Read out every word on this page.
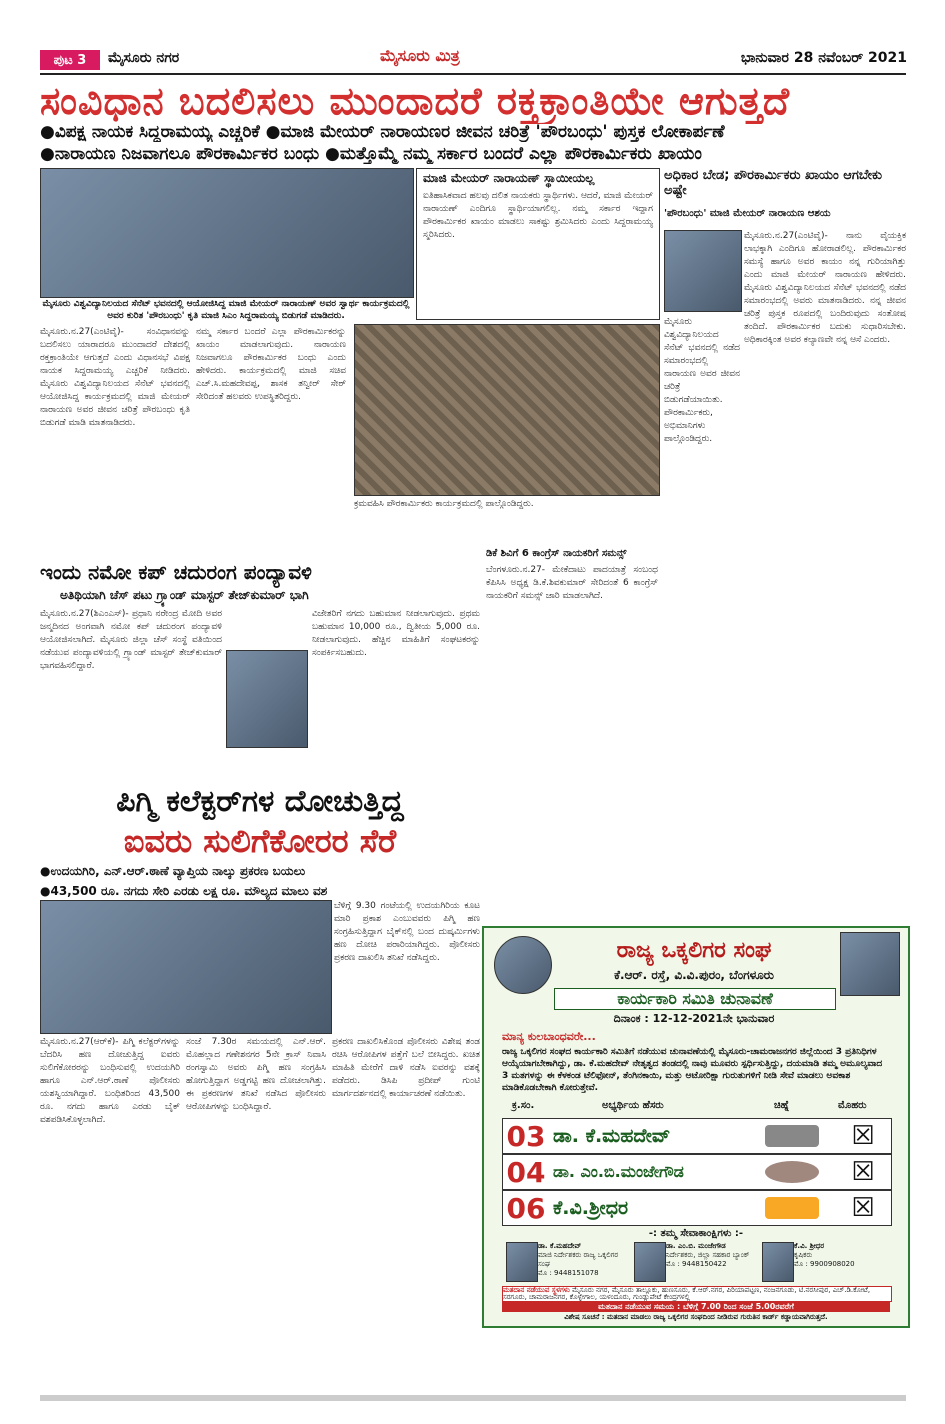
ಪುಟ 3	ಮೈಸೂರು ನಗರ	ಮೈಸೂರು ಮಿತ್ರ	ಭಾನುವಾರ 28 ನವೆಂಬರ್ 2021
ಸಂವಿಧಾನ ಬದಲಿಸಲು ಮುಂದಾದರೆ ರಕ್ತಕ್ರಾಂತಿಯೇ ಆಗುತ್ತದೆ
●ವಿಪಕ್ಷ ನಾಯಕ ಸಿದ್ದರಾಮಯ್ಯ ಎಚ್ಚರಿಕೆ ●ಮಾಜಿ ಮೇಯರ್ ನಾರಾಯಣರ ಜೀವನ ಚರಿತ್ರೆ 'ಪೌರಬಂಧು' ಪುಸ್ತಕ ಲೋಕಾರ್ಪಣೆ
●ನಾರಾಯಣ ನಿಜವಾಗಲೂ ಪೌರಕಾರ್ಮಿಕರ ಬಂಧು ●ಮತ್ತೊಮ್ಮೆ ನಮ್ಮ ಸರ್ಕಾರ ಬಂದರೆ ಎಲ್ಲಾ ಪೌರಕಾರ್ಮಿಕರು ಖಾಯಂ
ಮೈಸೂರು ವಿಶ್ವವಿದ್ಯಾನಿಲಯದ ಸೆನೆಟ್ ಭವನದಲ್ಲಿ ಆಯೋಜಿಸಿದ್ದ ಮಾಜಿ ಮೇಯರ್ ನಾರಾಯಣ್ ಅವರ ಸ್ವಾರ್ಥ ಕಾರ್ಯಕ್ರಮದಲ್ಲಿ ಅವರ ಕುರಿತ 'ಪೌರಬಂಧು' ಕೃತಿ ಮಾಜಿ ಸಿಎಂ ಸಿದ್ದರಾಮಯ್ಯ ಬಿಡುಗಡೆ ಮಾಡಿದರು.
ಮಾಜಿ ಮೇಯರ್ ನಾರಾಯಣ್ ಸ್ಥಾಯೀಯಲ್ಲ
ಐತಿಹಾಸಿಕವಾದ ಹಲವು ದಲಿತ ನಾಯಕರು ಸ್ಥಾರ್ಥಿಗಳು. ಆದರೆ, ಮಾಜಿ ಮೇಯರ್ ನಾರಾಯಣ್ ಎಂದಿಗೂ ಸ್ಥಾರ್ಥಿಯಾಗಲಿಲ್ಲ. ನಮ್ಮ ಸರ್ಕಾರ ಇದ್ದಾಗ ಪೌರಕಾರ್ಮಿಕರ ಖಾಯಂ ಮಾಡಲು ಸಾಕಷ್ಟು ಶ್ರಮಿಸಿದರು ಎಂದು ಸಿದ್ದರಾಮಯ್ಯ ಸ್ಮರಿಸಿದರು.
ಮೈಸೂರು.ನ.27(ಎಂಟಿವೈ)- ಸಂವಿಧಾನವನ್ನು ಬದಲಿಸಲು ಯಾರಾದರೂ ಮುಂದಾದರೆ ದೇಶದಲ್ಲಿ ರಕ್ತಕ್ರಾಂತಿಯೇ ಆಗುತ್ತದೆ ಎಂದು ವಿಧಾನಸಭೆ ವಿಪಕ್ಷ ನಾಯಕ ಸಿದ್ದರಾಮಯ್ಯ ಎಚ್ಚರಿಕೆ ನೀಡಿದರು. ಮೈಸೂರು ವಿಶ್ವವಿದ್ಯಾನಿಲಯದ ಸೆನೆಟ್ ಭವನದಲ್ಲಿ ಆಯೋಜಿಸಿದ್ದ ಕಾರ್ಯಕ್ರಮದಲ್ಲಿ ಮಾಜಿ ಮೇಯರ್ ನಾರಾಯಣ ಅವರ ಜೀವನ ಚರಿತ್ರೆ ಪೌರಬಂಧು ಕೃತಿ ಬಿಡುಗಡೆ ಮಾಡಿ ಮಾತನಾಡಿದರು.
ನಮ್ಮ ಸರ್ಕಾರ ಬಂದರೆ ಎಲ್ಲಾ ಪೌರಕಾರ್ಮಿಕರನ್ನು ಖಾಯಂ ಮಾಡಲಾಗುವುದು. ನಾರಾಯಣ ನಿಜವಾಗಲೂ ಪೌರಕಾರ್ಮಿಕರ ಬಂಧು ಎಂದು ಹೇಳಿದರು. ಕಾರ್ಯಕ್ರಮದಲ್ಲಿ ಮಾಜಿ ಸಚಿವ ಎಚ್.ಸಿ.ಮಹದೇವಪ್ಪ, ಶಾಸಕ ತನ್ವೀರ್ ಸೇಠ್ ಸೇರಿದಂತೆ ಹಲವರು ಉಪಸ್ಥಿತರಿದ್ದರು.
ಕ್ರಮವಹಿಸಿ ಪೌರಕಾರ್ಮಿಕರು ಕಾರ್ಯಕ್ರಮದಲ್ಲಿ ಪಾಲ್ಗೊಂಡಿದ್ದರು.
ಅಧಿಕಾರ ಬೇಡ; ಪೌರಕಾರ್ಮಿಕರು ಖಾಯಂ ಆಗಬೇಕು ಅಷ್ಟೇ
'ಪೌರಬಂಧು' ಮಾಜಿ ಮೇಯರ್ ನಾರಾಯಣ ಆಶಯ
ಮೈಸೂರು.ನ.27(ಎಂಟಿವೈ)- ನಾನು ವೈಯಕ್ತಿಕ ಲಾಭಕ್ಕಾಗಿ ಎಂದಿಗೂ ಹೋರಾಡಲಿಲ್ಲ. ಪೌರಕಾರ್ಮಿಕರ ಸಮಸ್ಯೆ ಹಾಗೂ ಅವರ ಕಾಯಂ ನನ್ನ ಗುರಿಯಾಗಿತ್ತು ಎಂದು ಮಾಜಿ ಮೇಯರ್ ನಾರಾಯಣ ಹೇಳಿದರು. ಮೈಸೂರು ವಿಶ್ವವಿದ್ಯಾನಿಲಯದ ಸೆನೆಟ್ ಭವನದಲ್ಲಿ ನಡೆದ ಸಮಾರಂಭದಲ್ಲಿ ಅವರು ಮಾತನಾಡಿದರು. ನನ್ನ ಜೀವನ ಚರಿತ್ರೆ ಪುಸ್ತಕ ರೂಪದಲ್ಲಿ ಬಂದಿರುವುದು ಸಂತೋಷ ತಂದಿದೆ. ಪೌರಕಾರ್ಮಿಕರ ಬದುಕು ಸುಧಾರಿಸಬೇಕು. ಅಧಿಕಾರಕ್ಕಿಂತ ಅವರ ಕಲ್ಯಾಣವೇ ನನ್ನ ಆಸೆ ಎಂದರು.
ಮೈಸೂರು ವಿಶ್ವವಿದ್ಯಾನಿಲಯದ ಸೆನೆಟ್ ಭವನದಲ್ಲಿ ನಡೆದ ಸಮಾರಂಭದಲ್ಲಿ ನಾರಾಯಣ ಅವರ ಜೀವನ ಚರಿತ್ರೆ ಬಿಡುಗಡೆಯಾಯಿತು. ಪೌರಕಾರ್ಮಿಕರು, ಅಭಿಮಾನಿಗಳು ಪಾಲ್ಗೊಂಡಿದ್ದರು.
ಇಂದು ನಮೋ ಕಪ್ ಚದುರಂಗ ಪಂದ್ಯಾವಳಿ
ಅತಿಥಿಯಾಗಿ ಚೆಸ್ ಪಟು ಗ್ರ್ಯಾಂಡ್ ಮಾಸ್ಟರ್ ತೇಜ್‌ಕುಮಾರ್ ಭಾಗಿ
ಮೈಸೂರು.ನ.27(ಶಿಎಂಎಸ್)- ಪ್ರಧಾನಿ ನರೇಂದ್ರ ಮೋದಿ ಅವರ ಜನ್ಮದಿನದ ಅಂಗವಾಗಿ ನಮೋ ಕಪ್ ಚದುರಂಗ ಪಂದ್ಯಾವಳಿ ಆಯೋಜಿಸಲಾಗಿದೆ. ಮೈಸೂರು ಜಿಲ್ಲಾ ಚೆಸ್ ಸಂಸ್ಥೆ ವತಿಯಿಂದ ನಡೆಯುವ ಪಂದ್ಯಾವಳಿಯಲ್ಲಿ ಗ್ರ್ಯಾಂಡ್ ಮಾಸ್ಟರ್ ತೇಜ್‌ಕುಮಾರ್ ಭಾಗವಹಿಸಲಿದ್ದಾರೆ.
ವಿಜೇತರಿಗೆ ನಗದು ಬಹುಮಾನ ನೀಡಲಾಗುವುದು. ಪ್ರಥಮ ಬಹುಮಾನ 10,000 ರೂ., ದ್ವಿತೀಯ 5,000 ರೂ. ನೀಡಲಾಗುವುದು. ಹೆಚ್ಚಿನ ಮಾಹಿತಿಗೆ ಸಂಘಟಕರನ್ನು ಸಂಪರ್ಕಿಸಬಹುದು.
ಡಿಕೆ ಶಿವಿಗೆ 6 ಕಾಂಗ್ರೆಸ್ ನಾಯಕರಿಗೆ ಸಮನ್ಸ್
ಬೆಂಗಳೂರು.ನ.27- ಮೇಕೆದಾಟು ಪಾದಯಾತ್ರೆ ಸಂಬಂಧ ಕೆಪಿಸಿಸಿ ಅಧ್ಯಕ್ಷ ಡಿ.ಕೆ.ಶಿವಕುಮಾರ್ ಸೇರಿದಂತೆ 6 ಕಾಂಗ್ರೆಸ್ ನಾಯಕರಿಗೆ ಸಮನ್ಸ್ ಜಾರಿ ಮಾಡಲಾಗಿದೆ.
ಪಿಗ್ಮಿ ಕಲೆಕ್ಟರ್‌ಗಳ ದೋಚುತ್ತಿದ್ದ
ಐವರು ಸುಲಿಗೆಕೋರರ ಸೆರೆ
●ಉದಯಗಿರಿ, ಎನ್.ಆರ್.ಠಾಣೆ ವ್ಯಾಪ್ತಿಯ ನಾಲ್ಕು ಪ್ರಕರಣ ಬಯಲು
●43,500 ರೂ. ನಗದು ಸೇರಿ ಎರಡು ಲಕ್ಷ ರೂ. ಮೌಲ್ಯದ ಮಾಲು ವಶ
ಬೆಳಿಗ್ಗೆ 9.30 ಗಂಟೆಯಲ್ಲಿ ಉದಯಗಿರಿಯ ಕೂಟ ಮಾರಿ ಪ್ರಕಾಶ ಎಂಬುವವರು ಪಿಗ್ಮಿ ಹಣ ಸಂಗ್ರಹಿಸುತ್ತಿದ್ದಾಗ ಬೈಕ್‌ನಲ್ಲಿ ಬಂದ ದುಷ್ಕರ್ಮಿಗಳು ಹಣ ದೋಚಿ ಪರಾರಿಯಾಗಿದ್ದರು. ಪೊಲೀಸರು ಪ್ರಕರಣ ದಾಖಲಿಸಿ ತನಿಖೆ ನಡೆಸಿದ್ದರು.
ಮೈಸೂರು.ನ.27(ಆರ್‌ಕೆ)- ಪಿಗ್ಮಿ ಕಲೆಕ್ಟರ್‌ಗಳನ್ನು ಬೆದರಿಸಿ ಹಣ ದೋಚುತ್ತಿದ್ದ ಐವರು ಸುಲಿಗೆಕೋರರನ್ನು ಬಂಧಿಸುವಲ್ಲಿ ಉದಯಗಿರಿ ಹಾಗೂ ಎನ್.ಆರ್.ಠಾಣೆ ಪೊಲೀಸರು ಯಶಸ್ವಿಯಾಗಿದ್ದಾರೆ. ಬಂಧಿತರಿಂದ 43,500 ರೂ. ನಗದು ಹಾಗೂ ಎರಡು ಬೈಕ್ ವಶಪಡಿಸಿಕೊಳ್ಳಲಾಗಿದೆ.
ಸಂಜೆ 7.30ರ ಸಮಯದಲ್ಲಿ ಎನ್.ಆರ್. ಮೊಹಲ್ಲಾದ ಗಣೇಶನಗರ 5ನೇ ಕ್ರಾಸ್ ನಿವಾಸಿ ರಂಗಸ್ವಾಮಿ ಅವರು ಪಿಗ್ಮಿ ಹಣ ಸಂಗ್ರಹಿಸಿ ಹೋಗುತ್ತಿದ್ದಾಗ ಅಡ್ಡಗಟ್ಟಿ ಹಣ ದೋಚಲಾಗಿತ್ತು. ಈ ಪ್ರಕರಣಗಳ ತನಿಖೆ ನಡೆಸಿದ ಪೊಲೀಸರು ಆರೋಪಿಗಳನ್ನು ಬಂಧಿಸಿದ್ದಾರೆ.
ಪ್ರಕರಣ ದಾಖಲಿಸಿಕೊಂಡ ಪೊಲೀಸರು ವಿಶೇಷ ತಂಡ ರಚಿಸಿ ಆರೋಪಿಗಳ ಪತ್ತೆಗೆ ಬಲೆ ಬೀಸಿದ್ದರು. ಖಚಿತ ಮಾಹಿತಿ ಮೇರೆಗೆ ದಾಳಿ ನಡೆಸಿ ಐವರನ್ನು ವಶಕ್ಕೆ ಪಡೆದರು. ಡಿಸಿಪಿ ಪ್ರದೀಪ್ ಗುಂಟಿ ಮಾರ್ಗದರ್ಶನದಲ್ಲಿ ಕಾರ್ಯಾಚರಣೆ ನಡೆಯಿತು.
ರಾಜ್ಯ ಒಕ್ಕಲಿಗರ ಸಂಘ
ಕೆ.ಆರ್. ರಸ್ತೆ, ವಿ.ವಿ.ಪುರಂ, ಬೆಂಗಳೂರು
ಕಾರ್ಯಕಾರಿ ಸಮಿತಿ ಚುನಾವಣೆ
ದಿನಾಂಕ : 12-12-2021ನೇ ಭಾನುವಾರ
ಮಾನ್ಯ ಕುಲಬಾಂಧವರೇ...
ರಾಜ್ಯ ಒಕ್ಕಲಿಗರ ಸಂಘದ ಕಾರ್ಯಕಾರಿ ಸಮಿತಿಗೆ ನಡೆಯುವ ಚುನಾವಣೆಯಲ್ಲಿ ಮೈಸೂರು-ಚಾಮರಾಜನಗರ ಜಿಲ್ಲೆಯಿಂದ 3 ಪ್ರತಿನಿಧಿಗಳ ಆಯ್ಕೆಯಾಗಬೇಕಾಗಿದ್ದು, ಡಾ. ಕೆ.ಮಹದೇವ್ ನೇತೃತ್ವದ ತಂಡದಲ್ಲಿ ನಾವು ಮೂವರು ಸ್ಪರ್ಧಿಸುತ್ತಿದ್ದು, ದಯಮಾಡಿ ತಮ್ಮ ಅಮೂಲ್ಯವಾದ 3 ಮತಗಳನ್ನು ಈ ಕೆಳಕಂಡ ಟೆಲಿಫೋನ್, ತೆಂಗಿನಕಾಯಿ, ಮತ್ತು ಆಟೋರಿಕ್ಷಾ ಗುರುತುಗಳಿಗೆ ನೀಡಿ ಸೇವೆ ಮಾಡಲು ಅವಕಾಶ ಮಾಡಿಕೊಡಬೇಕಾಗಿ ಕೋರುತ್ತೇವೆ.
ಕ್ರ.ಸಂ.	ಅಭ್ಯರ್ಥಿಯ ಹೆಸರು	ಚಿಹ್ನೆ	ಮೊಹರು
03 ಡಾ. ಕೆ.ಮಹದೇವ್	☒
04 ಡಾ. ಎಂ.ಬಿ.ಮಂಜೇಗೌಡ	☒
06 ಕೆ.ವಿ.ಶ್ರೀಧರ	☒
-: ತಮ್ಮ ಸೇವಾಕಾಂಕ್ಷಿಗಳು :-
ಡಾ. ಕೆ.ಮಹದೇವ್
ಮಾಜಿ ನಿರ್ದೇಶಕರು ರಾಜ್ಯ ಒಕ್ಕಲಿಗರ ಸಂಘ
ಮೊ : 9448151078
ಡಾ. ಎಂ.ಬಿ. ಮಂಜೇಗೌಡ
ನಿರ್ದೇಶಕರು, ಜಿಲ್ಲಾ ಸಹಕಾರ ಬ್ಯಾಂಕ್
ಮೊ : 9448150422
ಕೆ.ವಿ. ಶ್ರೀಧರ
ಕೃಷಿಕರು
ಮೊ : 9900908020
ಮತದಾನ ನಡೆಯುವ ಸ್ಥಳಗಳು ಮೈಸೂರು ನಗರ, ಮೈಸೂರು ತಾಲ್ಲೂಕು, ಹುಣಸೂರು, ಕೆ.ಆರ್.ನಗರ, ಪಿರಿಯಾಪಟ್ಟಣ, ನಂಜನಗೂಡು, ಟಿ.ನರಸೀಪುರ, ಎಚ್.ಡಿ.ಕೋಟೆ, ಸರಗೂರು, ಚಾಮರಾಜನಗರ, ಕೊಳ್ಳೇಗಾಲ, ಯಳಂದೂರು, ಗುಂಡ್ಲುಪೇಟೆ ಕೇಂದ್ರಗಳಲ್ಲಿ
ಮತದಾನ ನಡೆಯುವ ಸಮಯ : ಬೆಳಿಗ್ಗೆ 7.00 ರಿಂದ ಸಂಜೆ 5.00ರವರೆಗೆ
ವಿಶೇಷ ಸೂಚನೆ : ಮತದಾನ ಮಾಡಲು ರಾಜ್ಯ ಒಕ್ಕಲಿಗರ ಸಂಘದಿಂದ ನೀಡಿರುವ ಗುರುತಿನ ಕಾರ್ಡ್ ಕಡ್ಡಾಯವಾಗಿರುತ್ತದೆ.
